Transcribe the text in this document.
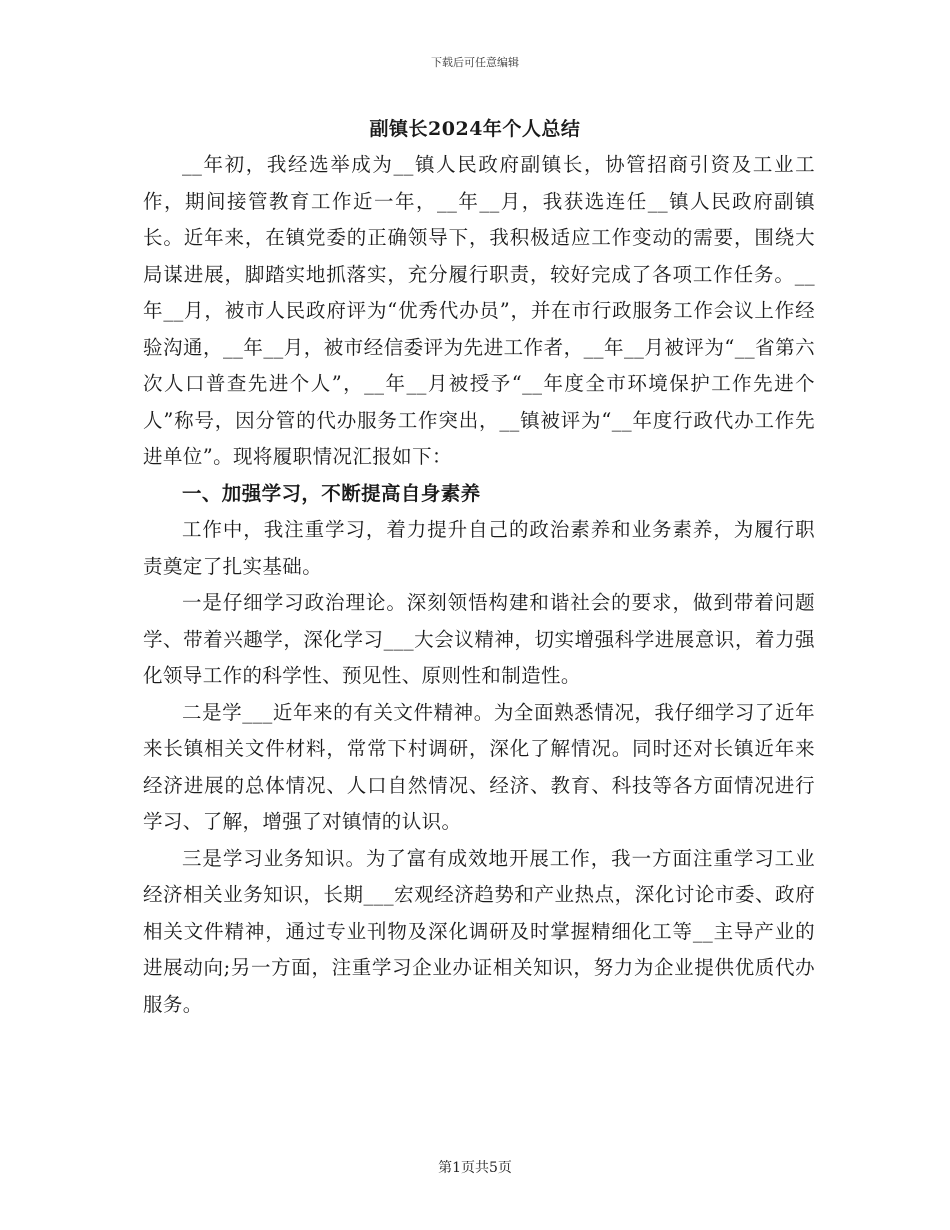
下载后可任意编辑
副镇长2024年个人总结

__年初，我经选举成为__镇人民政府副镇长，协管招商引资及工业工作，期间接管教育工作近一年，__年__月，我获选连任__镇人民政府副镇长。近年来，在镇党委的正确领导下，我积极适应工作变动的需要，围绕大局谋进展，脚踏实地抓落实，充分履行职责，较好完成了各项工作任务。__年__月，被市人民政府评为“优秀代办员”，并在市行政服务工作会议上作经验沟通，__年__月，被市经信委评为先进工作者，__年__月被评为“__省第六次人口普查先进个人”，__年__月被授予“__年度全市环境保护工作先进个人”称号，因分管的代办服务工作突出，__镇被评为“__年度行政代办工作先进单位”。现将履职情况汇报如下：

一、加强学习，不断提高自身素养

工作中，我注重学习，着力提升自己的政治素养和业务素养，为履行职责奠定了扎实基础。

一是仔细学习政治理论。深刻领悟构建和谐社会的要求，做到带着问题学、带着兴趣学，深化学习___大会议精神，切实增强科学进展意识，着力强化领导工作的科学性、预见性、原则性和制造性。

二是学___近年来的有关文件精神。为全面熟悉情况，我仔细学习了近年来长镇相关文件材料，常常下村调研，深化了解情况。同时还对长镇近年来经济进展的总体情况、人口自然情况、经济、教育、科技等各方面情况进行学习、了解，增强了对镇情的认识。

三是学习业务知识。为了富有成效地开展工作，我一方面注重学习工业经济相关业务知识，长期___宏观经济趋势和产业热点，深化讨论市委、政府相关文件精神，通过专业刊物及深化调研及时掌握精细化工等__主导产业的进展动向;另一方面，注重学习企业办证相关知识，努力为企业提供优质代办服务。

第1页共5页
